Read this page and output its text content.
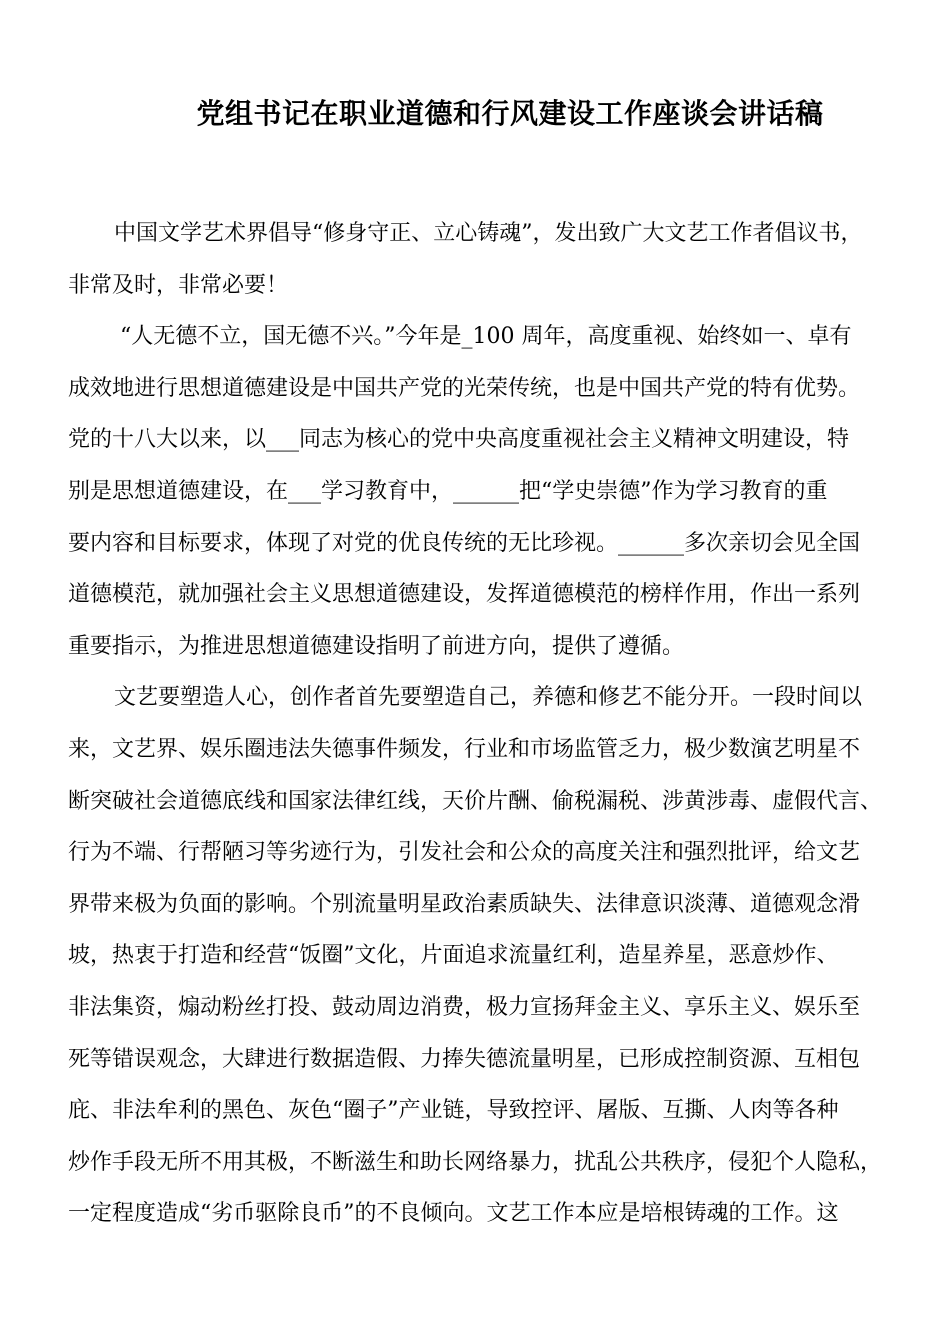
党组书记在职业道德和行风建设工作座谈会讲话稿
中国文学艺术界倡导“修身守正、立心铸魂”，发出致广大文艺工作者倡议书，
非常及时，非常必要！
“人无德不立，国无德不兴。”今年是_100 周年，高度重视、始终如一、卓有
成效地进行思想道德建设是中国共产党的光荣传统，也是中国共产党的特有优势。
党的十八大以来，以___同志为核心的党中央高度重视社会主义精神文明建设，特
别是思想道德建设，在___学习教育中，______把“学史崇德”作为学习教育的重
要内容和目标要求，体现了对党的优良传统的无比珍视。______多次亲切会见全国
道德模范，就加强社会主义思想道德建设，发挥道德模范的榜样作用，作出一系列
重要指示，为推进思想道德建设指明了前进方向，提供了遵循。
文艺要塑造人心，创作者首先要塑造自己，养德和修艺不能分开。一段时间以
来，文艺界、娱乐圈违法失德事件频发，行业和市场监管乏力，极少数演艺明星不
断突破社会道德底线和国家法律红线，天价片酬、偷税漏税、涉黄涉毒、虚假代言、
行为不端、行帮陋习等劣迹行为，引发社会和公众的高度关注和强烈批评，给文艺
界带来极为负面的影响。个别流量明星政治素质缺失、法律意识淡薄、道德观念滑
坡，热衷于打造和经营“饭圈”文化，片面追求流量红利，造星养星，恶意炒作、
非法集资，煽动粉丝打投、鼓动周边消费，极力宣扬拜金主义、享乐主义、娱乐至
死等错误观念，大肆进行数据造假、力捧失德流量明星，已形成控制资源、互相包
庇、非法牟利的黑色、灰色“圈子”产业链，导致控评、屠版、互撕、人肉等各种
炒作手段无所不用其极，不断滋生和助长网络暴力，扰乱公共秩序，侵犯个人隐私，
一定程度造成“劣币驱除良币”的不良倾向。文艺工作本应是培根铸魂的工作。这
